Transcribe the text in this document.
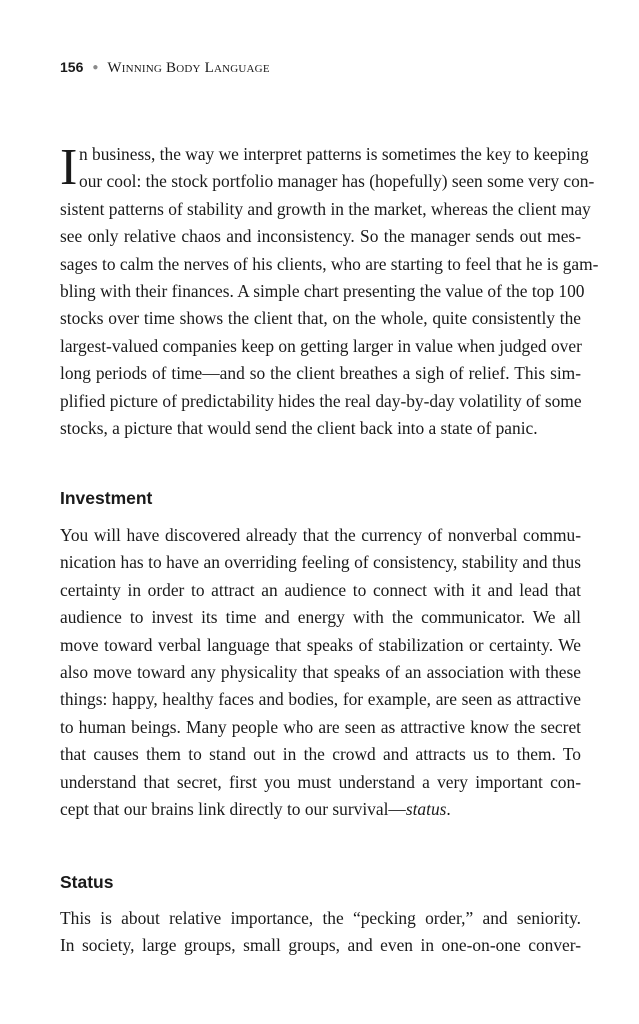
156 ● Winning Body Language
I n business, the way we interpret patterns is sometimes the key to keeping
our cool: the stock portfolio manager has (hopefully) seen some very con-
sistent patterns of stability and growth in the market, whereas the client may
see only relative chaos and inconsistency. So the manager sends out mes-
sages to calm the nerves of his clients, who are starting to feel that he is gam-
bling with their finances. A simple chart presenting the value of the top 100
stocks over time shows the client that, on the whole, quite consistently the
largest-valued companies keep on getting larger in value when judged over
long periods of time—and so the client breathes a sigh of relief. This sim-
plified picture of predictability hides the real day-by-day volatility of some
stocks, a picture that would send the client back into a state of panic.
Investment
You will have discovered already that the currency of nonverbal commu-
nication has to have an overriding feeling of consistency, stability and thus
certainty in order to attract an audience to connect with it and lead that
audience to invest its time and energy with the communicator. We all
move toward verbal language that speaks of stabilization or certainty. We
also move toward any physicality that speaks of an association with these
things: happy, healthy faces and bodies, for example, are seen as attractive
to human beings. Many people who are seen as attractive know the secret
that causes them to stand out in the crowd and attracts us to them. To
understand that secret, first you must understand a very important con-
cept that our brains link directly to our survival—status.
Status
This is about relative importance, the “pecking order,” and seniority.
In society, large groups, small groups, and even in one-on-one conver-
